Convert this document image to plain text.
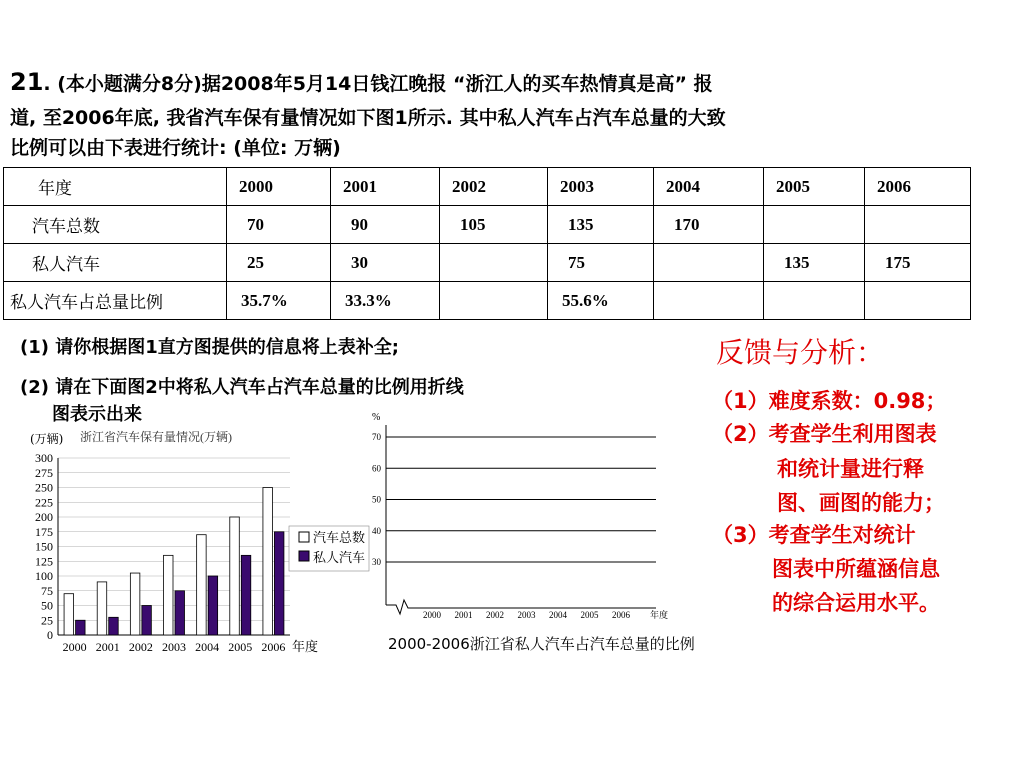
21. (本小题满分8分)据2008年5月14日钱江晚报 “浙江人的买车热情真是高” 报
道, 至2006年底, 我省汽车保有量情况如下图1所示. 其中私人汽车占汽车总量的大致
比例可以由下表进行统计: (单位: 万辆)
年度	2000	2001	2002	2003	2004	2005	2006
汽车总数	70	90	105	135	170		
私人汽车	25	30		75		135	175
私人汽车占总量比例	35.7%	33.3%		55.6%			
(1) 请你根据图1直方图提供的信息将上表补全;
(2) 请在下面图2中将私人汽车占汽车总量的比例用折线
图表示出来
(万辆) 浙江省汽车保有量情况(万辆)
0
25
50
75
100
125
150
175
200
225
250
275
300
2000 2001 2002 2003 2004 2005 2006 年度
汽车总数
私人汽车
%
30
40
50
60
70
2000 2001 2002 2003 2004 2005 2006 年度
2000-2006浙江省私人汽车占汽车总量的比例
反馈与分析：
（1）难度系数：0.98；
（2）考查学生利用图表
和统计量进行释
图、画图的能力；
（3）考查学生对统计
图表中所蕴涵信息
的综合运用水平。
